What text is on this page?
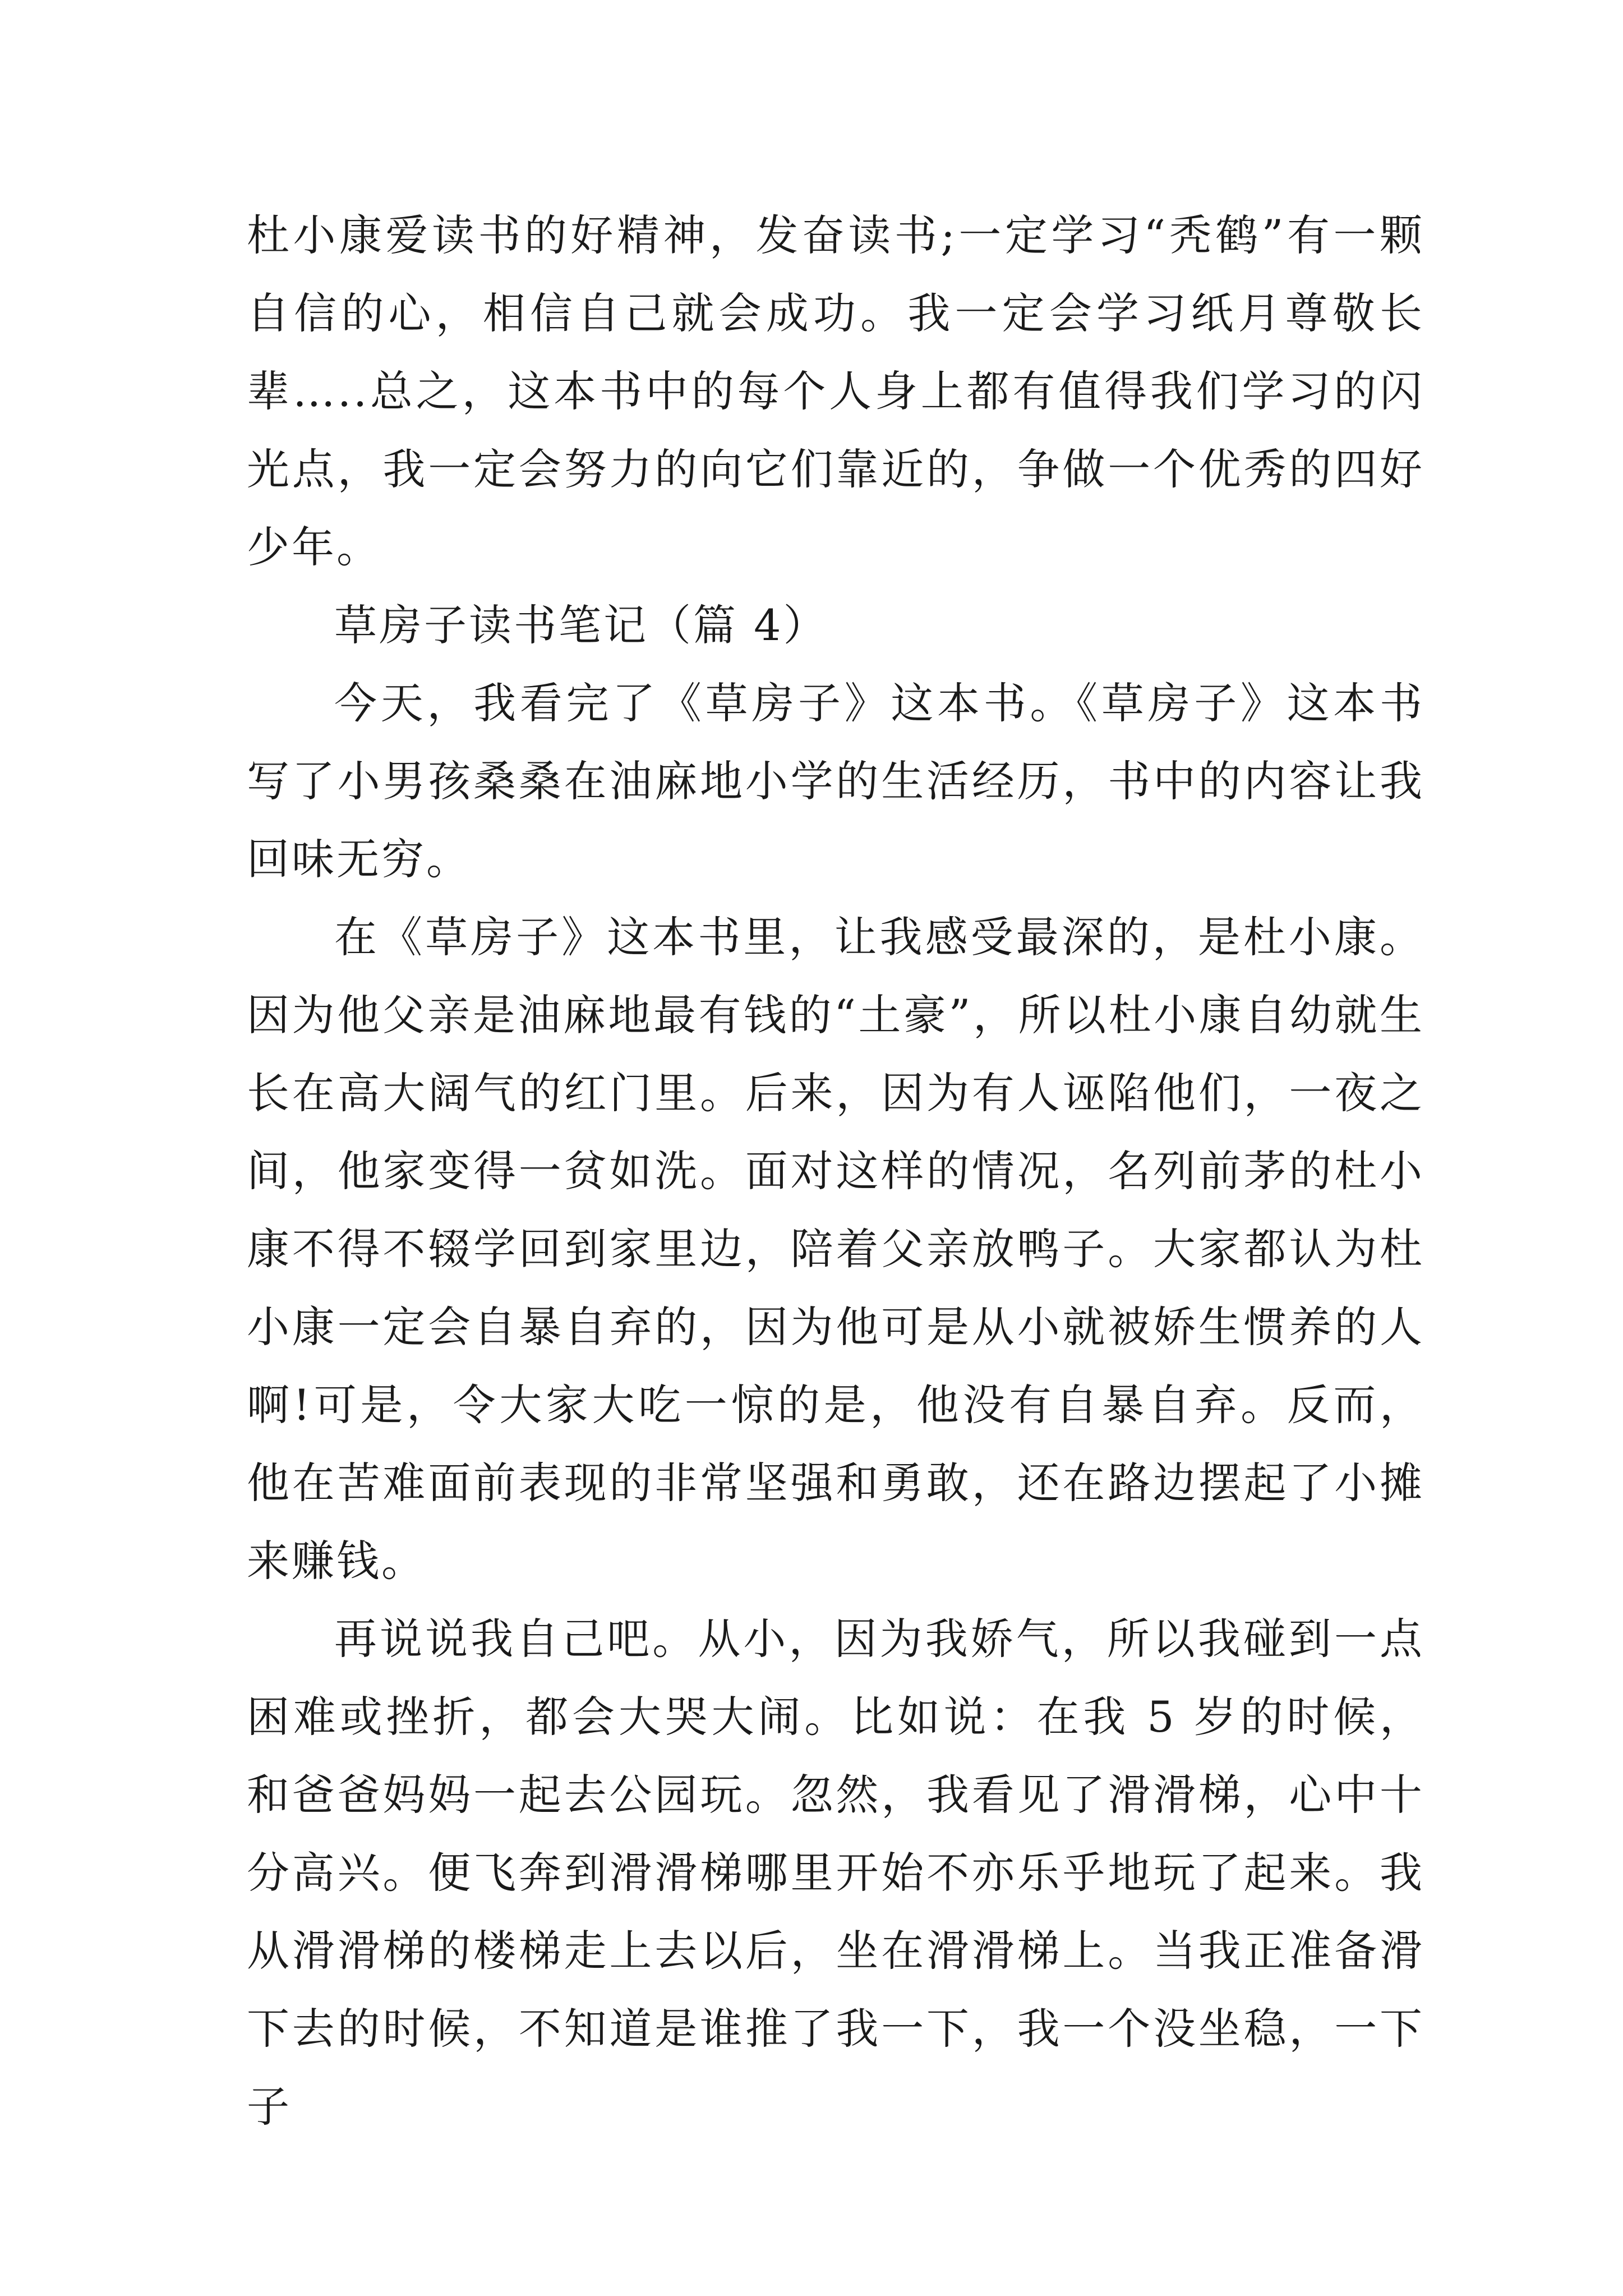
杜小康爱读书的好精神，发奋读书;一定学习“秃鹤”有一颗自信的心，相信自己就会成功。我一定会学习纸月尊敬长辈…..总之，这本书中的每个人身上都有值得我们学习的闪光点，我一定会努力的向它们靠近的，争做一个优秀的四好少年。

草房子读书笔记（篇 4）

今天，我看完了《草房子》这本书。《草房子》这本书写了小男孩桑桑在油麻地小学的生活经历，书中的内容让我回味无穷。

在《草房子》这本书里，让我感受最深的，是杜小康。因为他父亲是油麻地最有钱的“土豪”，所以杜小康自幼就生长在高大阔气的红门里。后来，因为有人诬陷他们，一夜之间，他家变得一贫如洗。面对这样的情况，名列前茅的杜小康不得不辍学回到家里边，陪着父亲放鸭子。大家都认为杜小康一定会自暴自弃的，因为他可是从小就被娇生惯养的人啊!可是，令大家大吃一惊的是，他没有自暴自弃。反而，他在苦难面前表现的非常坚强和勇敢，还在路边摆起了小摊来赚钱。

再说说我自己吧。从小，因为我娇气，所以我碰到一点困难或挫折，都会大哭大闹。比如说：在我 5 岁的时候，和爸爸妈妈一起去公园玩。忽然，我看见了滑滑梯，心中十分高兴。便飞奔到滑滑梯哪里开始不亦乐乎地玩了起来。我从滑滑梯的楼梯走上去以后，坐在滑滑梯上。当我正准备滑下去的时候，不知道是谁推了我一下，我一个没坐稳，一下子
